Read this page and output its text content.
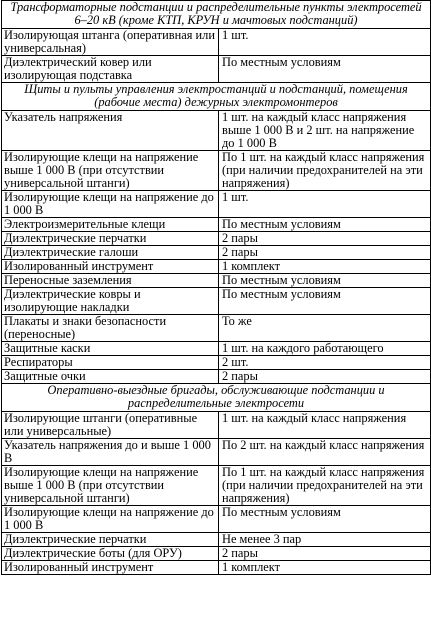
Трансформаторные подстанции и распределительные пункты электросетей 6–20 кВ (кроме КТП, КРУН и мачтовых подстанций)	
Изолирующая штанга (оперативная или универсальная)	1 шт.
Диэлектрический ковер или изолирующая подставка	По местным условиям
Щиты и пульты управления электростанций и подстанций, помещения (рабочие места) дежурных электромонтеров	
Указатель напряжения	1 шт. на каждый класс напряжения выше 1 000 В и 2 шт. на напряжение до 1 000 В
Изолирующие клещи на напряжение выше 1 000 В (при отсутствии универсальной штанги)	По 1 шт. на каждый класс напряжения (при наличии предохранителей на эти напряжения)
Изолирующие клещи на напряжение до 1 000 В	1 шт.
Электроизмерительные клещи	По местным условиям
Диэлектрические перчатки	2 пары
Диэлектрические галоши	2 пары
Изолированный инструмент	1 комплект
Переносные заземления	По местным условиям
Диэлектрические ковры и изолирующие накладки	По местным условиям
Плакаты и знаки безопасности (переносные)	То же
Защитные каски	1 шт. на каждого работающего
Респираторы	2 шт.
Защитные очки	2 пары
Оперативно-выездные бригады, обслуживающие подстанции и распределительные электросети	
Изолирующие штанги (оперативные или универсальные)	1 шт. на каждый класс напряжения
Указатель напряжения до и выше 1 000 В	По 2 шт. на каждый класс напряжения
Изолирующие клещи на напряжение выше 1 000 В (при отсутствии универсальной штанги)	По 1 шт. на каждый класс напряжения (при наличии предохранителей на эти напряжения)
Изолирующие клещи на напряжение до 1 000 В	По местным условиям
Диэлектрические перчатки	Не менее 3 пар
Диэлектрические боты (для ОРУ)	2 пары
Изолированный инструмент	1 комплект
